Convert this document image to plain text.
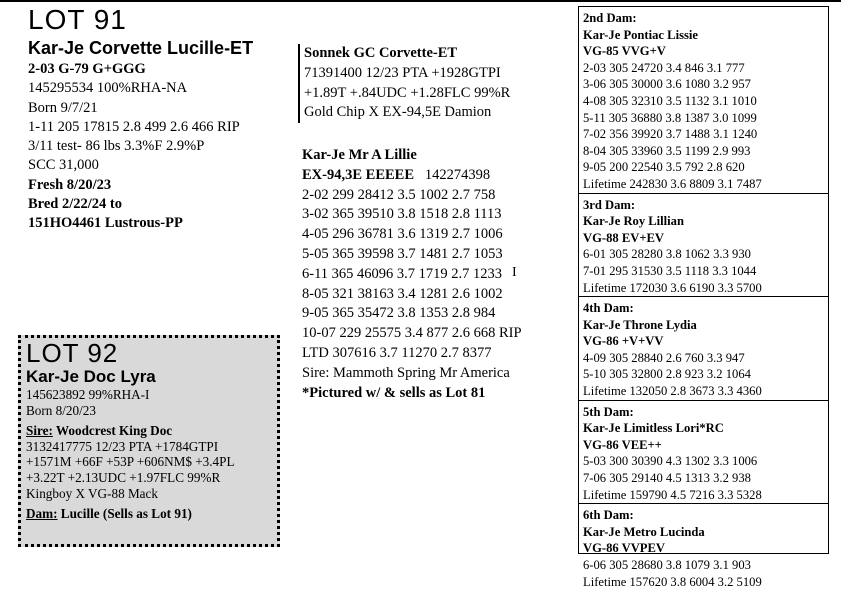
LOT 91
Kar-Je Corvette Lucille-ET
2-03 G-79 G+GGG
145295534 100%RHA-NA
Born 9/7/21
1-11 205 17815 2.8 499 2.6 466 RIP
3/11 test- 86 lbs 3.3%F 2.9%P
SCC 31,000
Fresh 8/20/23
Bred 2/22/24 to
151HO4461 Lustrous-PP
Sonnek GC Corvette-ET
71391400 12/23 PTA +1928GTPI
+1.89T +.84UDC +1.28FLC 99%R
Gold Chip X EX-94,5E Damion
Kar-Je Mr A Lillie
EX-94,3E EEEEE 142274398
2-02 299 28412 3.5 1002 2.7 758
3-02 365 39510 3.8 1518 2.8 1113
4-05 296 36781 3.6 1319 2.7 1006
5-05 365 39598 3.7 1481 2.7 1053
6-11 365 46096 3.7 1719 2.7 1233
8-05 321 38163 3.4 1281 2.6 1002
9-05 365 35472 3.8 1353 2.8 984
10-07 229 25575 3.4 877 2.6 668 RIP
LTD 307616 3.7 11270 2.7 8377
Sire: Mammoth Spring Mr America
*Pictured w/ & sells as Lot 81
I
2nd Dam:
Kar-Je Pontiac Lissie
VG-85 VVG+V
2-03 305 24720 3.4 846 3.1 777
3-06 305 30000 3.6 1080 3.2 957
4-08 305 32310 3.5 1132 3.1 1010
5-11 305 36880 3.8 1387 3.0 1099
7-02 356 39920 3.7 1488 3.1 1240
8-04 305 33960 3.5 1199 2.9 993
9-05 200 22540 3.5 792 2.8 620
Lifetime 242830 3.6 8809 3.1 7487
3rd Dam:
Kar-Je Roy Lillian
VG-88 EV+EV
6-01 305 28280 3.8 1062 3.3 930
7-01 295 31530 3.5 1118 3.3 1044
Lifetime 172030 3.6 6190 3.3 5700
4th Dam:
Kar-Je Throne Lydia
VG-86 +V+VV
4-09 305 28840 2.6 760 3.3 947
5-10 305 32800 2.8 923 3.2 1064
Lifetime 132050 2.8 3673 3.3 4360
5th Dam:
Kar-Je Limitless Lori*RC
VG-86 VEE++
5-03 300 30390 4.3 1302 3.3 1006
7-06 305 29140 4.5 1313 3.2 938
Lifetime 159790 4.5 7216 3.3 5328
6th Dam:
Kar-Je Metro Lucinda
VG-86 VVPEV
6-06 305 28680 3.8 1079 3.1 903
Lifetime 157620 3.8 6004 3.2 5109
LOT 92
Kar-Je Doc Lyra
145623892 99%RHA-I
Born 8/20/23
Sire: Woodcrest King Doc
3132417775 12/23 PTA +1784GTPI
+1571M +66F +53P +606NM$ +3.4PL
+3.22T +2.13UDC +1.97FLC 99%R
Kingboy X VG-88 Mack
Dam: Lucille (Sells as Lot 91)
